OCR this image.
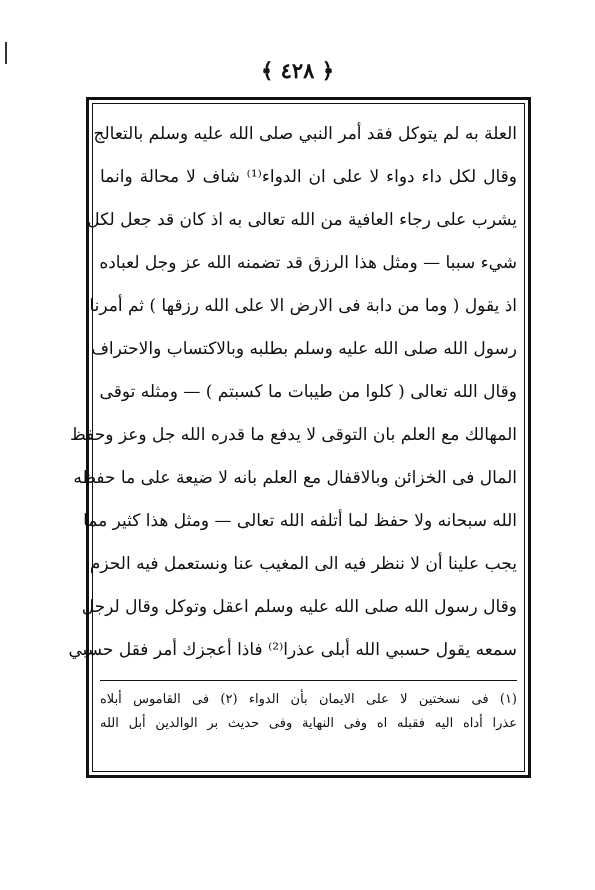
﴿ ٤٢٨ ﴾
العلة به لم يتوكل فقد أمر النبي صلى الله عليه وسلم بالتعالج
وقال لكل داء دواء لا على ان الدواء⁽¹⁾ شاف لا محالة وانما
يشرب على رجاء العافية من الله تعالى به اذ كان قد جعل لكل
شيء سببا — ومثل هذا الرزق قد تضمنه الله عز وجل لعباده
اذ يقول ( وما من دابة فى الارض الا على الله رزقها ) ثم أمرنا
رسول الله صلى الله عليه وسلم بطلبه وبالاكتساب والاحتراف
وقال الله تعالى ( كلوا من طيبات ما كسبتم ) — ومثله توقى
المهالك مع العلم بان التوقى لا يدفع ما قدره الله جل وعز وحفظ
المال فى الخزائن وبالاقفال مع العلم بانه لا ضيعة على ما حفظه
الله سبحانه ولا حفظ لما أتلفه الله تعالى — ومثل هذا كثير مما
يجب علينا أن لا ننظر فيه الى المغيب عنا ونستعمل فيه الحزم
وقال رسول الله صلى الله عليه وسلم اعقل وتوكل وقال لرجل
سمعه يقول حسبي الله أبلى عذرا⁽²⁾ فاذا أعجزك أمر فقل حسبي
(١) فى نسختين لا على الايمان بأن الدواء (٢) فى القاموس أبلاه
عذرا أداه اليه فقبله اه وفى النهاية وفى حديث بر الوالدين أبل الله
